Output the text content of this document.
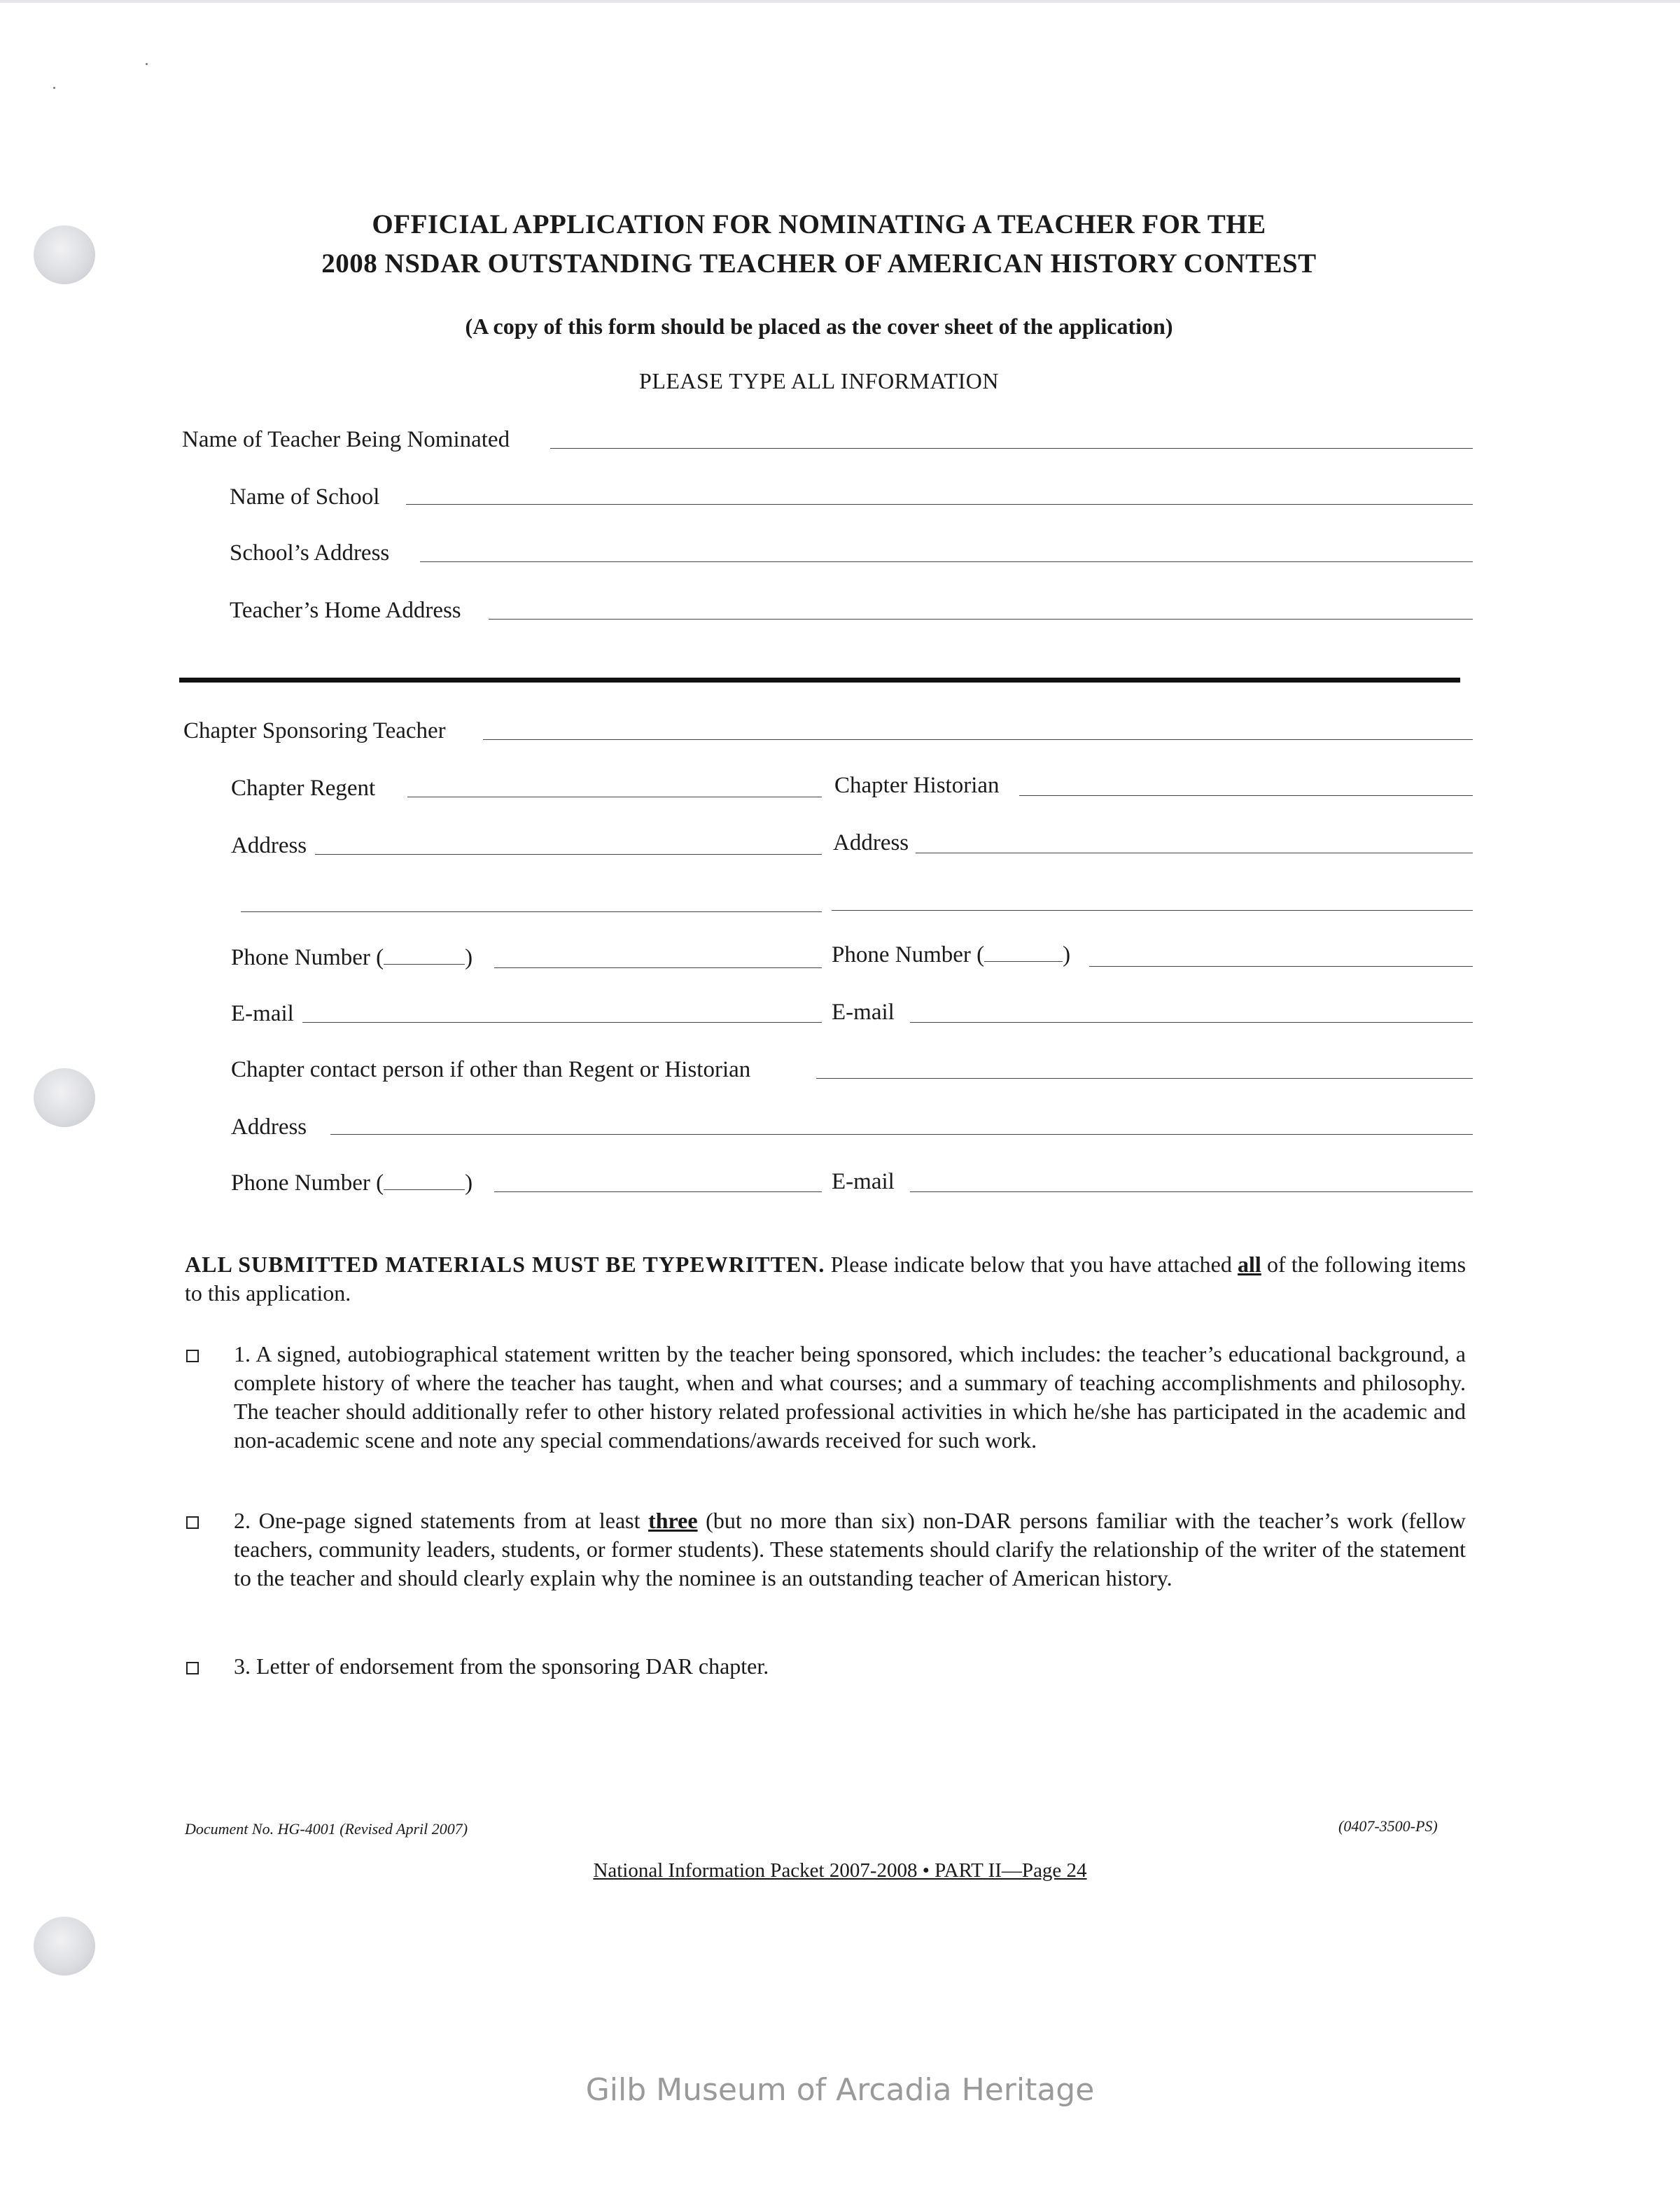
OFFICIAL APPLICATION FOR NOMINATING A TEACHER FOR THE
2008 NSDAR OUTSTANDING TEACHER OF AMERICAN HISTORY CONTEST
(A copy of this form should be placed as the cover sheet of the application)
PLEASE TYPE ALL INFORMATION
Name of Teacher Being Nominated
Name of School
School’s Address
Teacher’s Home Address
Chapter Sponsoring Teacher
Chapter Regent	Chapter Historian
Address	Address
Phone Number (	)	Phone Number (	)
E-mail	E-mail
Chapter contact person if other than Regent or Historian
Address
Phone Number (	)	E-mail
ALL SUBMITTED MATERIALS MUST BE TYPEWRITTEN. Please indicate below that you have attached all of the following items to this application.
1. A signed, autobiographical statement written by the teacher being sponsored, which includes: the teacher’s educational background, a complete history of where the teacher has taught, when and what courses; and a summary of teaching accomplishments and philosophy. The teacher should additionally refer to other history related professional activities in which he/she has participated in the academic and non-academic scene and note any special commendations/awards received for such work.
2. One-page signed statements from at least three (but no more than six) non-DAR persons familiar with the teacher’s work (fellow teachers, community leaders, students, or former students). These statements should clarify the relationship of the writer of the statement to the teacher and should clearly explain why the nominee is an outstanding teacher of American history.
3. Letter of endorsement from the sponsoring DAR chapter.
Document No. HG-4001 (Revised April 2007)	(0407-3500-PS)
National Information Packet 2007-2008 • PART II—Page 24
Gilb Museum of Arcadia Heritage
